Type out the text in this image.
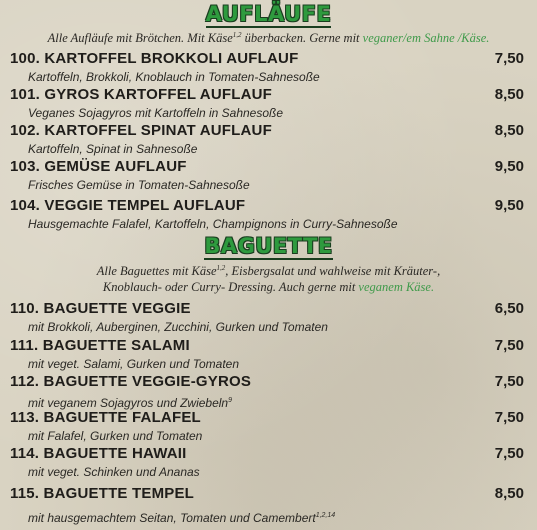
AUFLÄUFE
Alle Aufläufe mit Brötchen. Mit Käse$^{1,2}$ überbacken. Gerne mit veganer/em Sahne /Käse.
100. KARTOFFEL BROKKOLI AUFLAUF	7,50
Kartoffeln, Brokkoli, Knoblauch in Tomaten-Sahnesoße
101. GYROS KARTOFFEL AUFLAUF	8,50
Veganes Sojagyros mit Kartoffeln in Sahnesoße
102. KARTOFFEL SPINAT AUFLAUF	8,50
Kartoffeln, Spinat in Sahnesoße
103. GEMÜSE AUFLAUF	9,50
Frisches Gemüse in Tomaten-Sahnesoße
104. VEGGIE TEMPEL AUFLAUF	9,50
Hausgemachte Falafel, Kartoffeln, Champignons in Curry-Sahnesoße
BAGUETTE
Alle Baguettes mit Käse$^{1,2}$, Eisbergsalat und wahlweise mit Kräuter-,
Knoblauch- oder Curry- Dressing. Auch gerne mit veganem Käse.
110. BAGUETTE VEGGIE	6,50
mit Brokkoli, Auberginen, Zucchini, Gurken und Tomaten
111. BAGUETTE SALAMI	7,50
mit veget. Salami, Gurken und Tomaten
112. BAGUETTE VEGGIE-GYROS	7,50
mit veganem Sojagyros und Zwiebeln$^9$
113. BAGUETTE FALAFEL	7,50
mit Falafel, Gurken und Tomaten
114. BAGUETTE HAWAII	7,50
mit veget. Schinken und Ananas
115. BAGUETTE TEMPEL	8,50
mit hausgemachtem Seitan, Tomaten und Camembert$^{1,2,14}$
